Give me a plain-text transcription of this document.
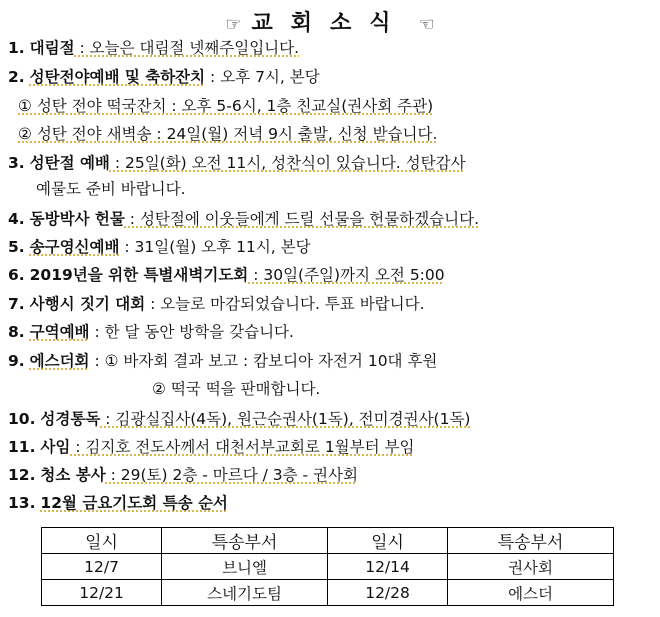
☞ 교회소식 ☜
1. 대림절 : 오늘은 대림절 넷째주일입니다.
2. 성탄전야예배 및 축하잔치 : 오후 7시, 본당
① 성탄 전야 떡국잔치 : 오후 5-6시, 1층 친교실(권사회 주관)
② 성탄 전야 새벽송 : 24일(월) 저녁 9시 출발, 신청 받습니다.
3. 성탄절 예배 : 25일(화) 오전 11시, 성찬식이 있습니다. 성탄감사
예물도 준비 바랍니다.
4. 동방박사 헌물 : 성탄절에 이웃들에게 드릴 선물을 헌물하겠습니다.
5. 송구영신예배 : 31일(월) 오후 11시, 본당
6. 2019년을 위한 특별새벽기도회 : 30일(주일)까지 오전 5:00
7. 사행시 짓기 대회 : 오늘로 마감되었습니다. 투표 바랍니다.
8. 구역예배 : 한 달 동안 방학을 갖습니다.
9. 에스더회 : ① 바자회 결과 보고 : 캄보디아 자전거 10대 후원
② 떡국 떡을 판매합니다.
10. 성경통독 : 김광실집사(4독), 원근순권사(1독), 전미경권사(1독)
11. 사임 : 김지호 전도사께서 대천서부교회로 1월부터 부임
12. 청소 봉사 : 29(토) 2층 - 마르다 / 3층 - 권사회
13. 12월 금요기도회 특송 순서
일시	특송부서	일시	특송부서
12/7	브니엘	12/14	권사회
12/21	스네기도팀	12/28	에스더
